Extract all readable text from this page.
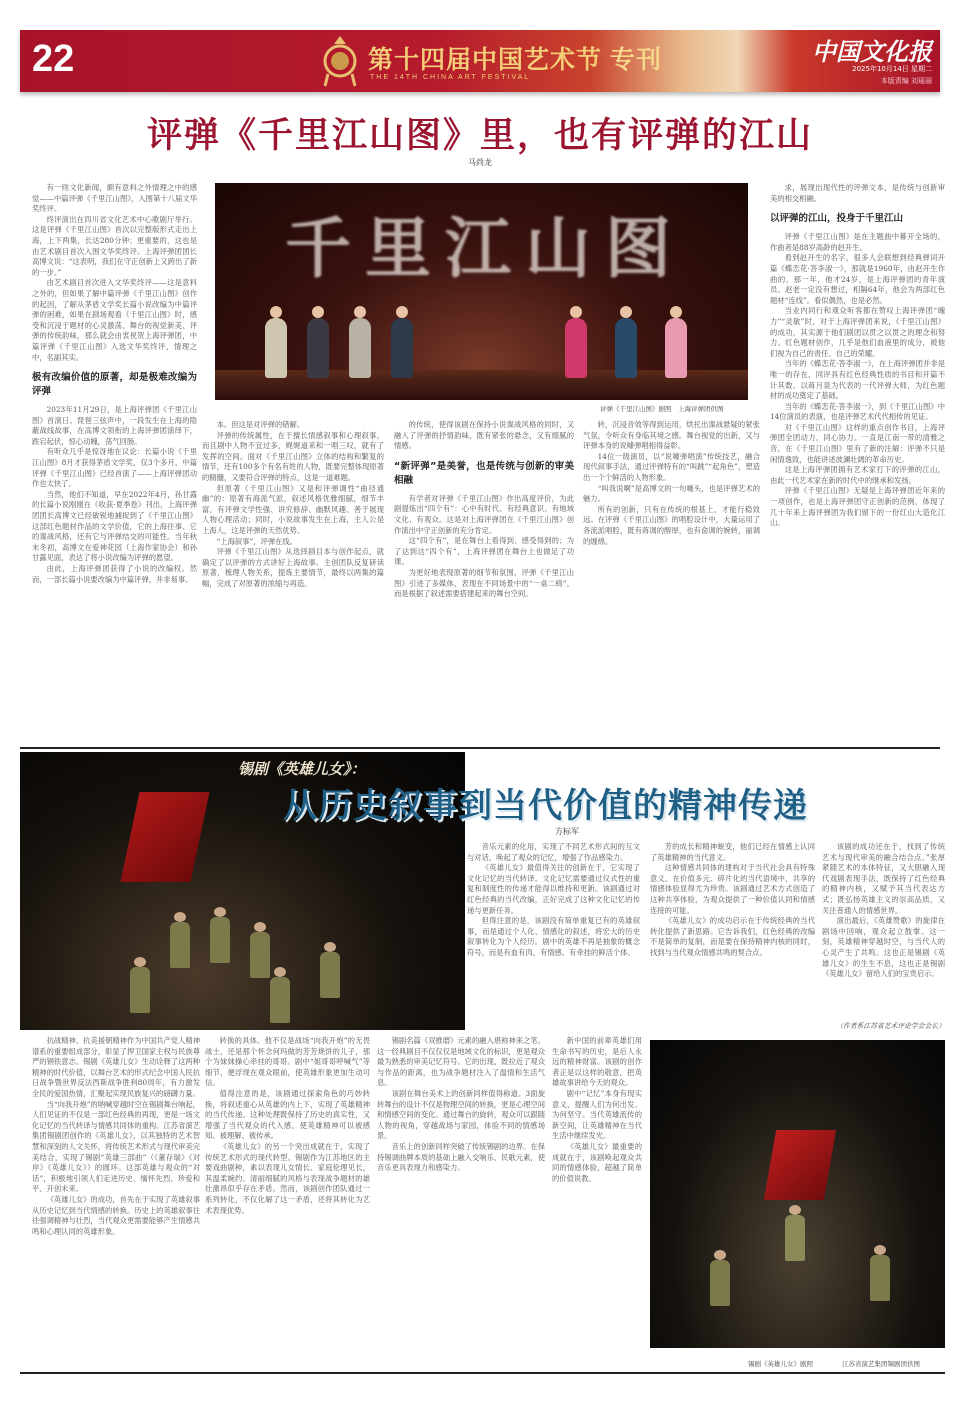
22	第十四届中国艺术节 专刊
THE 14TH CHINA ART FESTIVAL
中国文化报
2025年10月14日 星期二
本版责编 刘瑶丽
评弹《千里江山图》里，也有评弹的江山
马尚龙

有一则文化新闻，颇有意料之外情理之中的感觉——中篇评弹《千里江山图》，入围第十八届文华奖终评。

终评演出在四川省文化艺术中心歌剧厅举行。这是评弹《千里江山图》首次以完整版形式走出上海，上下两集，长达280分钟；更重要的，这也是由艺术剧目首次入围文华奖终评。上海评弹团团长高博文说：“这表明，我们在守正创新上又跨出了新的一步。”

由艺术剧目首次进入文华奖终评——这是意料之外的，但如果了解中篇评弹《千里江山图》创作的起因，了解从茅盾文学奖长篇小说改编为中篇评弹的困难，如果在剧场观看《千里江山图》时，感受和沉浸于题材的心灵激荡、舞台的视觉新美、评弹的传统韵味，那么就会由衷祝贺上海评弹团，中篇评弹《千里江山图》入选文华奖终评，情理之中，名副其实。

极有改编价值的原著，却是极难改编为评弹

2023年11月29日，是上海评弹团《千里江山图》首演日。琵琶三弦声中，一段发生在上海的隐蔽战线故事，在高博文领衔的上海评弹团演绎下，跌宕起伏，惊心动魄，荡气回肠。

有听众几乎是惊讶地在议论：长篇小说《千里江山图》8月才获得茅盾文学奖，仅3个多月，中篇评弹《千里江山图》已经首演了——上海评弹团动作也太快了。

当然，他们不知道，早在2022年4月，孙甘露的长篇小说刚刚在《收获·夏季卷》刊出，上海评弹团团长高博文已经敏锐地捕捉到了《千里江山图》这部红色题材作品的文学价值，它的上海往事、它的谍战风格，还有它与评弹结交的可能性。当年秋末冬初，高博文在爱神花园（上海作家协会）和孙甘露见面，表达了将小说改编为评弹的愿望。

由此，上海评弹团获得了小说的改编权。然而，一部长篇小说要改编为中篇评弹，并非易事。

千里江山图
评弹《千里江山图》剧照　上海评弹团供图

本。但这是对评弹的错解。

评弹的传统属性，在于擅长情感叙事和心理叙事，而且剧中人物不宜过多，娓娓道来和一唱三叹，就有了发挥的空间。面对《千里江山图》立体的结构和繁复的情节，还有100多个有名有姓的人物，既要完整体现原著的精髓，又要符合评弹的特点，这是一道难题。

但原著《千里江山图》又是和评弹调性“曲径通幽”的：原著有海派气派，叙述风格优雅细腻，细节丰富，有评弹文学性强、讲究修辞、幽默风趣、善于展现人物心理活动；同时，小说故事发生在上海，主人公是上海人，这是评弹的天然优势。

“上海叙事”，评弹在线。

评弹《千里江山图》从选择剧目本与创作起点，就确定了以评弹的方式讲好上海故事。主创团队反复研读原著，梳理人物关系，提炼主要情节，最终以两集的篇幅，完成了对原著的浓缩与再造。

的传统，使得该剧在保持小说谍战风格的同时，又融入了评弹的抒情韵味，既有紧张的悬念，又有细腻的情感。

“新评弹”是美誉，也是传统与创新的审美相融

有学者对评弹《千里江山图》作出高度评价，为此剧提炼出“四个有”：心中有时代、有经典意识、有地域文化、有观众。这是对上海评弹团在《千里江山图》创作演出中守正创新的充分肯定。

这“四个有”，是在舞台上看得到、感受得到的；为了达到这“四个有”，上海评弹团在舞台上也做足了功课。

为更好地表现原著的细节和氛围，评弹《千里江山图》引进了多媒体，表现在不同场景中的“一桌二椅”，而是根据了叙述需要搭建起来的舞台空间。

转，沉浸音效等得到运用，烘托出谍战悬疑的紧张气氛，令听众有身临其境之感。舞台视觉的出新，又与评弹本身的说噱弹唱相得益彰。

14位一级演员，以“说噱弹唱演”传统技艺，融合现代叙事手法，通过评弹特有的“叫跳”“起角色”，塑造出一个个鲜活的人物形象。

“叫我说啊”是高博文的一句噱头，也是评弹艺术的魅力。

所有的创新，只有在传统的根基上，才能行稳致远。在评弹《千里江山图》的唱腔设计中，大量运用了各流派唱腔，既有蒋调的醇厚，也有俞调的婉转，丽调的缠绵。

求，展现出现代性的评弹文本，是传统与创新审美的相交相融。

以评弹的江山，投身于千里江山

评弹《千里江山图》是在主题曲中幕开全场的，作曲者是88岁高龄的赵开生。

看到赵开生的名字，很多人会联想到经典弹词开篇《蝶恋花·答李淑一》，那就是1960年，由赵开生作曲的。那一年，他才24岁，是上海评弹团的青年演员。赵老一定没有想过，相隔64年，他会为两部红色题材“连线”。看似偶然，也是必然。

当业内同行和观众听客都在赞叹上海评弹团“魄力”“灵敏”时，对于上海评弹团来说，《千里江山图》的成功，其实源于他们剧团以贯之以贯之的理念和努力。红色题材创作，几乎是他们血液里的成分，被他们视为自己的责任、自己的荣耀。

当年的《蝶恋花·答李淑一》，在上海评弹团并非是唯一的存在，同评具有红色经典性质的书目和开篇不计其数。以蒋月泉为代表的一代评弹大师，为红色题材的成功奠定了基础。

当年的《蝶恋花·答李淑一》，到《千里江山图》中14位演员的表演，也是评弹艺术代代相传的见证。

对《千里江山图》这样的重点创作书目，上海评弹团全团动力，同心协力。一直是江南一带的清雅之音，在《千里江山图》里有了新的注解：评弹不只是闲情逸致，也能讲述波澜壮阔的革命历史。

这是上海评弹团拥有艺术家打下的评弹的江山，由此一代艺术家在新的时代中的继承和发扬。

评弹《千里江山图》无疑是上海评弹团近年来的一项创作，也是上海评弹团守正创新的范例，体现了几十年来上海评弹团为我们留下的一份红山大造化江山。

锡剧《英雄儿女》：
从历史叙事到当代价值的精神传递
方标军

音乐元素的化用，实现了不同艺术形式间的互文与对话，唤起了观众的记忆，增强了作品感染力。

《英雄儿女》最值得关注的创新在于，它实现了文化记忆的当代转译。文化记忆需要通过仪式性的重复和制度性的传递才能得以维持和更新。该剧通过对红色经典的当代改编，正好完成了这种文化记忆的传递与更新任务。

但得注意的是，该剧没有简单重复已有的英雄叙事，而是通过个人化、情感化的叙述，将宏大的历史叙事转化为个人经历。剧中的英雄不再是抽象的概念符号，而是有血有肉、有情感、有牵挂的鲜活个体。

芳的成长和精神蜕变，他们已经在情感上认同了英雄精神的当代意义。

这种情感共同体的建构对于当代社会具有特殊意义。在价值多元、碎片化的当代语境中，共享的情感体验显得尤为珍贵。该剧通过艺术方式创造了这种共享体验，为观众提供了一种价值认同和情感连接的可能。

《英雄儿女》的成功启示在于传统经典的当代转化提供了新思路。它告诉我们，红色经典的改编不是简单的复制，而是要在保持精神内核的同时，找到与当代观众情感共鸣的契合点。

该剧的成功还在于，找到了传统艺术与现代审美的融合结合点。”张厚紧随艺术的本体特征，又大胆融入现代戏剧表现手法，既保持了红色经典的精神内核，又赋予其当代表达方式；既弘扬英雄主义的崇高品质，又关注普通人的情感世界。

演出最后，《英雄赞歌》的旋律在剧场中回响，观众起立鼓掌。这一刻，英雄精神穿越时空，与当代人的心灵产生了共鸣。这也正是锡剧《英雄儿女》的生生不息，这也正是锡剧《英雄儿女》留给人们的宝贵启示。

（作者系江苏省艺术评论学会会长）

抗战精神、抗美援朝精神作为中国共产党人精神谱系的重要组成部分，彰显了捍卫国家主权与民族尊严的钢铁意志。锡剧《英雄儿女》生动诠释了这两种精神的时代价值，以舞台艺术的形式纪念中国人民抗日战争暨世界反法西斯战争胜利80周年，有力激发全民的爱国热情，汇聚起实现民族复兴的磅礴力量。

当“向我开炮”的呐喊穿越时空在锡剧舞台响起，人们见证的不仅是一部红色经典的再现，更是一场文化记忆的当代转译与情感共同体的重构。江苏省演艺集团锡剧团创作的《英雄儿女》，以其独特的艺术智慧和深刻的人文关怀，将传统艺术形式与现代审美完美结合，实现了锡剧“英雄三部曲”（《董存瑞》《对岸》《英雄儿女》）的圆环。这部英雄与观众的“对话”，积极地引领人们走进历史、缅怀先烈、珍爱和平、开创未来。

《英雄儿女》的成功，首先在于实现了英雄叙事从历史记忆到当代情感的转换。历史上的英雄叙事往往强调精神与壮烈，当代观众更需要能够产生情感共鸣和心理认同的英雄形象。

转换的具体。他不仅是战场“向我开炮”的无畏战士，还是那个怀念何玛做的芳芳烧饼的儿子，那个为妹妹操心牵挂的哥哥。剧中“姐哥哥呼喊气”等细节，便浮现在观众眼前，使英雄形象更加生动可信。

值得注意的是，该剧通过探索角色的巧妙转换，将叙述重心从英雄的内上下，实现了英雄精神的当代传递。这种处理既保持了历史的真实性，又增强了当代观众的代入感，使英雄精神可以被感知、被理解、被传承。

《英雄儿女》的另一个突出成就在于，实现了传统艺术形式的现代转型。锡剧作为江苏地区的主要戏曲剧种，素以表现儿女情长、家庭伦理见长，其温柔婉约、清丽细腻的风格与表现战争题材的雄壮激昂似乎存在矛盾。然而，该剧创作团队通过一系列转化，不仅化解了这一矛盾，还将其转化为艺术表现优势。

锡剧名篇《双推磨》元素的融入堪称神来之笔。这一经典剧目不仅仅仅是地域文化的标识，更是观众最为熟悉的审美记忆符号。它的出现，既拉近了观众与作品的距离，也为战争题材注入了温情和生活气息。

该剧在舞台美术上的创新同样值得称道。3面旋转舞台的设计不仅是物理空间的转换，更是心理空间和情感空间的变化。通过舞台的旋转，观众可以跟随人物的视角，穿越战场与家园，体验不同的情感场景。

音乐上的创新同样突破了传统锡剧的边界。在保持锡调曲牌本质的基础上融入交响乐、民歌元素，使音乐更具表现力和感染力。

新中国的前辈英雄们用生命书写的历史，是后人永远的精神财富。该剧的创作者正是以这样的敬意，把英雄故事讲给今天的观众。

剧中“记忆”本身有现实意义，提醒人们为何出发、为何坚守。当代英雄流传的新空间，让英雄精神在当代生活中继续发光。

《英雄儿女》最重要的成就在于，该剧唤起观众共同的情感体验，超越了简单的价值说教。

锡剧《英雄儿女》剧照	江苏省演艺集团锡剧团供图
